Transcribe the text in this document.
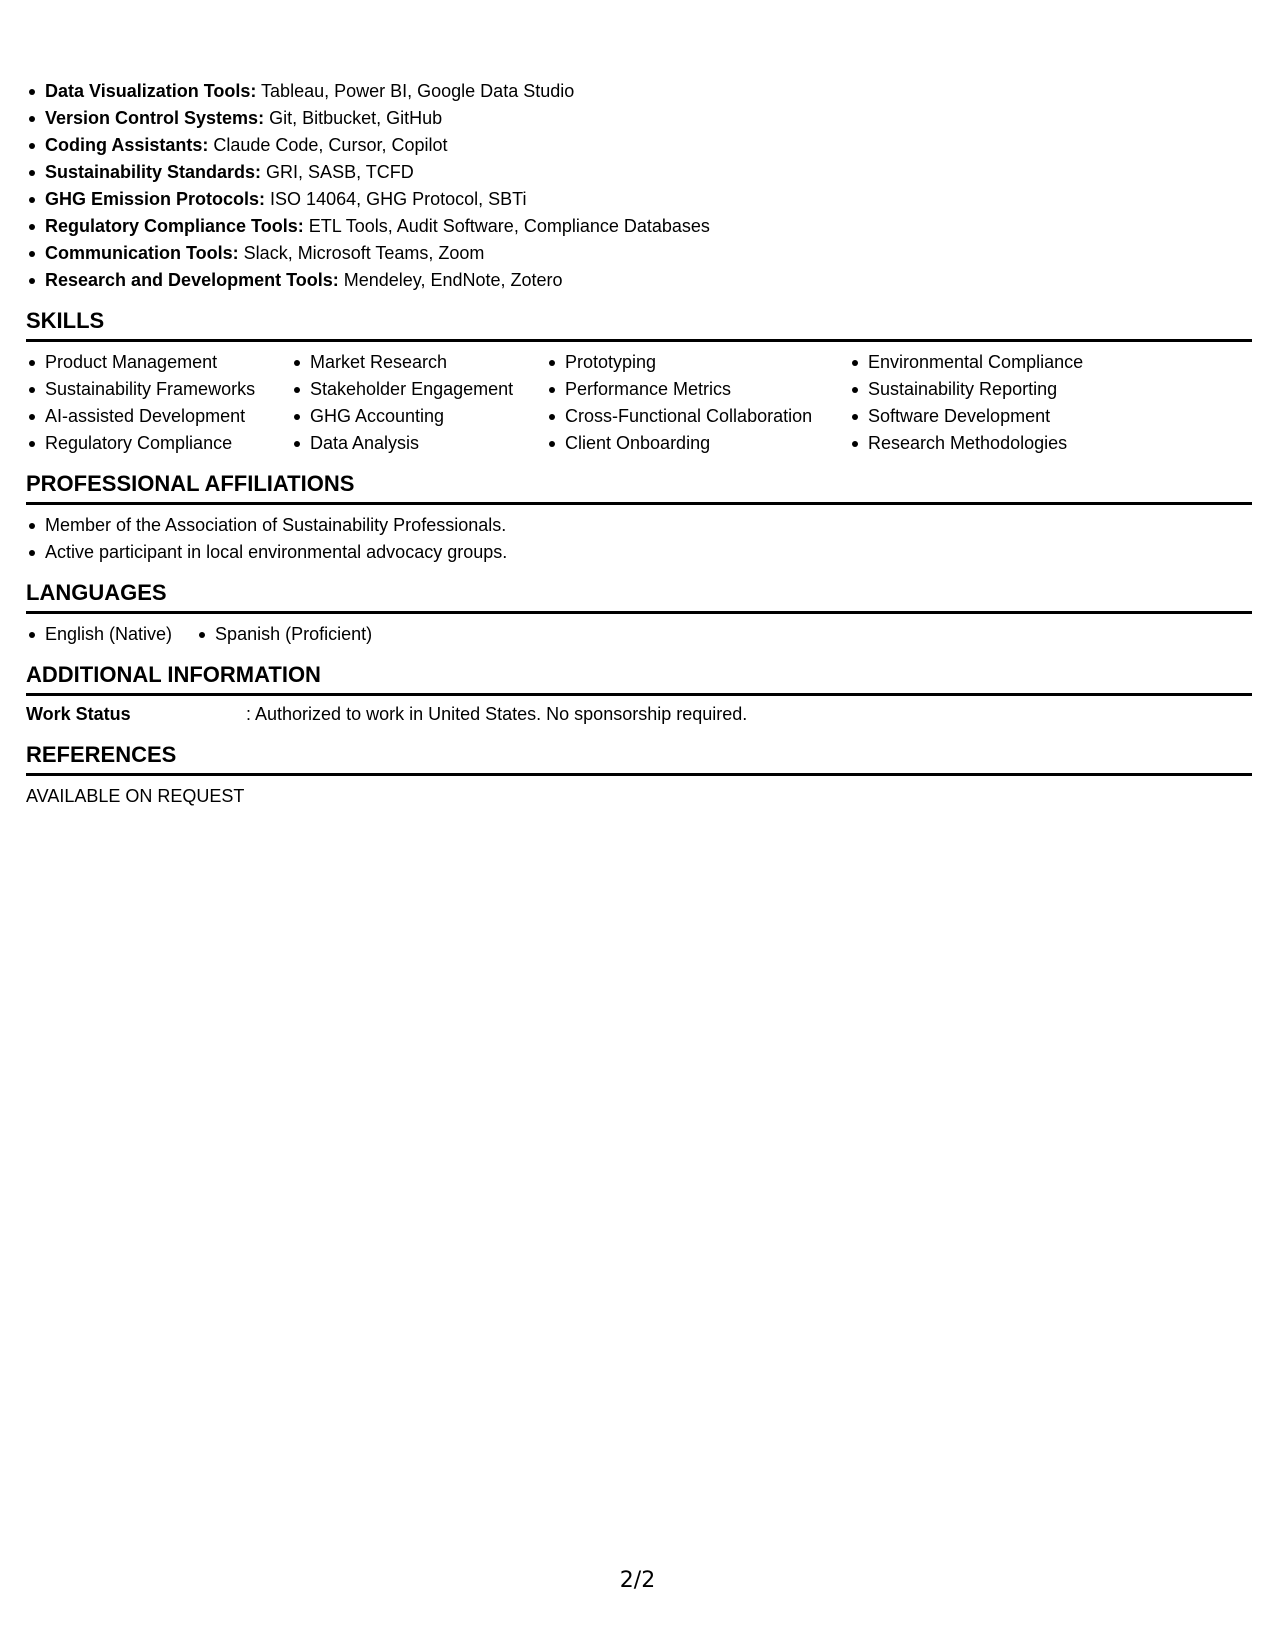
Data Visualization Tools: Tableau, Power BI, Google Data Studio
Version Control Systems: Git, Bitbucket, GitHub
Coding Assistants: Claude Code, Cursor, Copilot
Sustainability Standards: GRI, SASB, TCFD
GHG Emission Protocols: ISO 14064, GHG Protocol, SBTi
Regulatory Compliance Tools: ETL Tools, Audit Software, Compliance Databases
Communication Tools: Slack, Microsoft Teams, Zoom
Research and Development Tools: Mendeley, EndNote, Zotero
SKILLS
Product Management
Sustainability Frameworks
AI-assisted Development
Regulatory Compliance
Market Research
Stakeholder Engagement
GHG Accounting
Data Analysis
Prototyping
Performance Metrics
Cross-Functional Collaboration
Client Onboarding
Environmental Compliance
Sustainability Reporting
Software Development
Research Methodologies
PROFESSIONAL AFFILIATIONS
Member of the Association of Sustainability Professionals.
Active participant in local environmental advocacy groups.
LANGUAGES
English (Native)	Spanish (Proficient)
ADDITIONAL INFORMATION
Work Status	: Authorized to work in United States. No sponsorship required.
REFERENCES
AVAILABLE ON REQUEST
2/2
